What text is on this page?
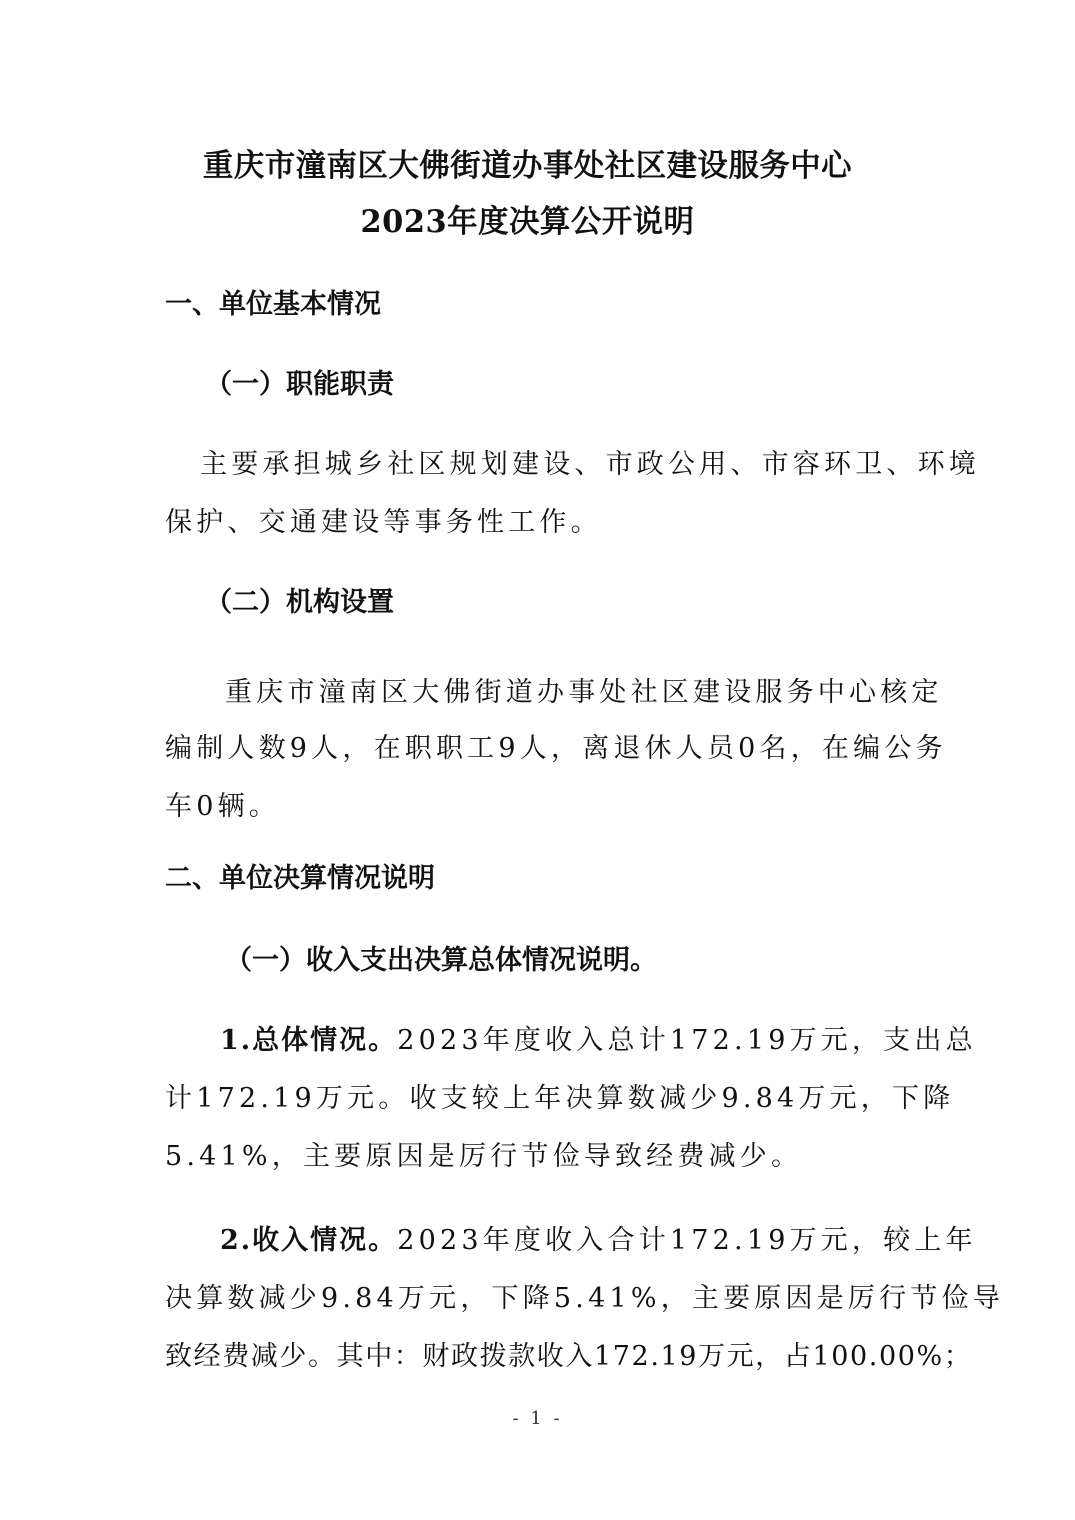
重庆市潼南区大佛街道办事处社区建设服务中心
2023年度决算公开说明
一、单位基本情况
（一）职能职责
主要承担城乡社区规划建设、市政公用、市容环卫、环境
保护、交通建设等事务性工作。
（二）机构设置
重庆市潼南区大佛街道办事处社区建设服务中心核定
编制人数9人，在职职工9人，离退休人员0名，在编公务
车0辆。
二、单位决算情况说明
（一）收入支出决算总体情况说明。
1.总体情况。2023年度收入总计172.19万元，支出总
计172.19万元。收支较上年决算数减少9.84万元，下降
5.41%，主要原因是厉行节俭导致经费减少。
2.收入情况。2023年度收入合计172.19万元，较上年
决算数减少9.84万元，下降5.41%，主要原因是厉行节俭导
致经费减少。其中：财政拨款收入172.19万元，占100.00%；
- 1 -
